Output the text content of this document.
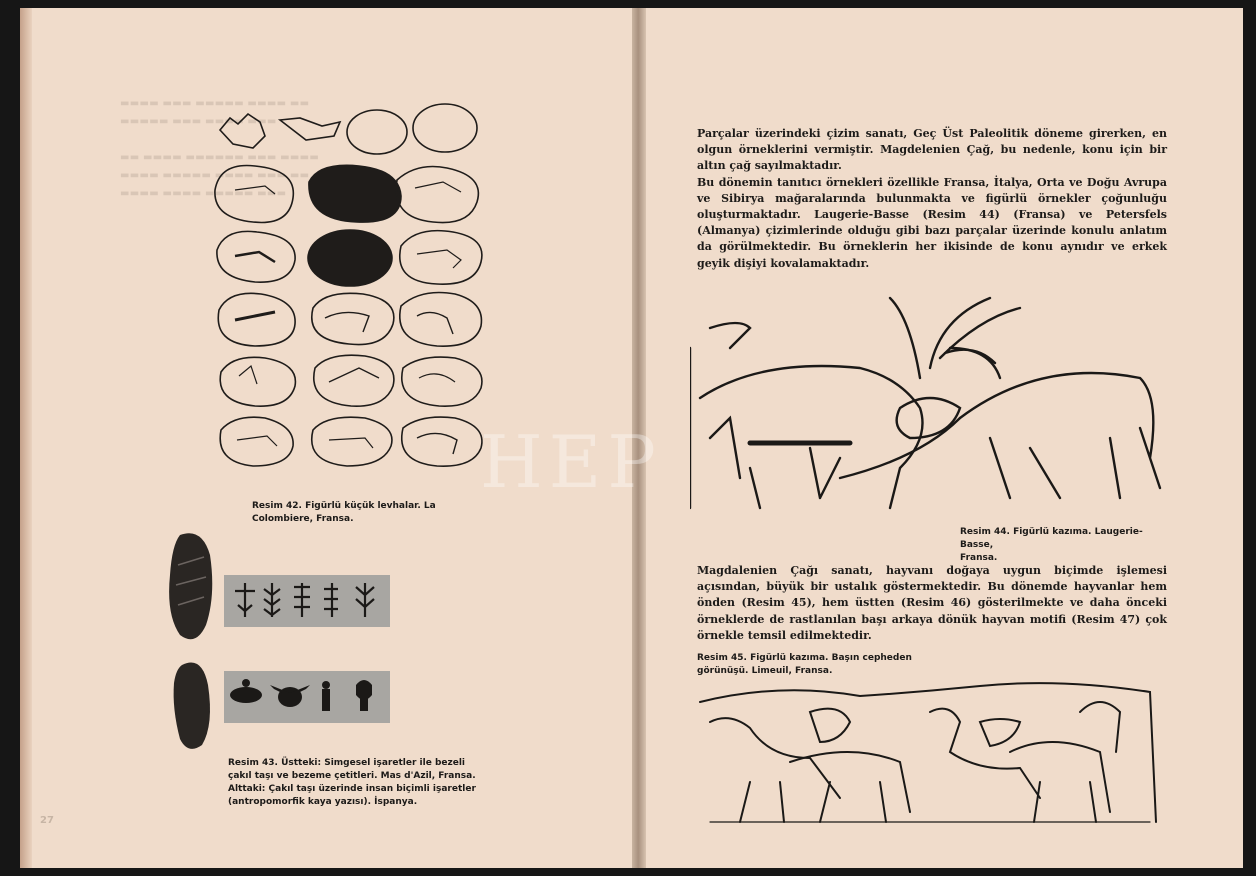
▬▬▬▬ ▬▬▬ ▬▬▬▬▬ ▬▬▬▬ ▬▬
▬▬▬▬▬ ▬▬▬ ▬▬▬▬ ▬▬▬

▬▬ ▬▬▬▬ ▬▬▬▬▬▬ ▬▬▬ ▬▬▬▬
▬▬▬▬ ▬▬▬▬▬ ▬▬▬▬ ▬▬▬ ▬▬
▬▬▬▬ ▬▬▬▬ ▬▬▬▬▬ ▬▬▬
Resim 42. Figürlü küçük levhalar. La Colombiere, Fransa.
Resim 43. Üstteki: Simgesel işaretler ile bezeli
çakıl taşı ve bezeme çetitleri. Mas d'Azil, Fransa.
Alttaki: Çakıl taşı üzerinde insan biçimli işaretler
(antropomorfik kaya yazısı). İspanya.
27

Parçalar üzerindeki çizim sanatı, Geç Üst Paleolitik döneme girerken, en olgun örneklerini vermiştir. Magdelenien Çağ, bu nedenle, konu için bir altın çağ sayılmaktadır.

Bu dönemin tanıtıcı örnekleri özellikle Fransa, İtalya, Orta ve Doğu Avrupa ve Sibirya mağaralarında bulunmakta ve figürlü örnekler çoğunluğu oluşturmaktadır. Laugerie-Basse (Resim 44) (Fransa) ve Petersfels (Almanya) çizimlerinde olduğu gibi bazı parçalar üzerinde konulu anlatım da görülmektedir. Bu örneklerin her ikisinde de konu aynıdır ve erkek geyik dişiyi kovalamaktadır.

Resim 44. Figürlü kazıma. Laugerie- Basse,
Fransa.

Magdalenien Çağı sanatı, hayvanı doğaya uygun biçimde işlemesi açısından, büyük bir ustalık göstermektedir. Bu dönemde hayvanlar hem önden (Resim 45), hem üstten (Resim 46) gösterilmekte ve daha önceki örneklerde de rastlanılan başı arkaya dönük hayvan motifi (Resim 47) çok örnekle temsil edilmektedir.

Resim 45. Figürlü kazıma. Başın cepheden
görünüşü. Limeuil, Fransa.
HEP
